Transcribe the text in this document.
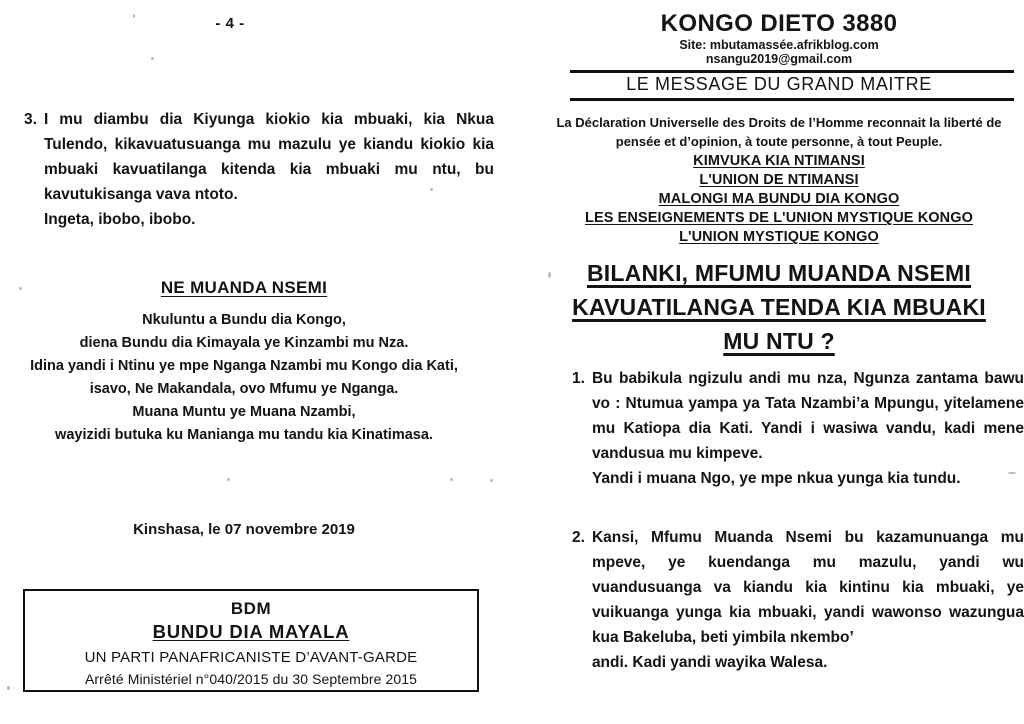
- 4 -
3. I mu diambu dia Kiyunga kiokio kia mbuaki, kia Nkua Tulendo, kikavuatusuanga mu mazulu ye kiandu kiokio kia mbuaki kavuatilanga kitenda kia mbuaki mu ntu, bu kavutukisanga vava ntoto.
Ingeta, ibobo, ibobo.
NE MUANDA NSEMI
Nkuluntu a Bundu dia Kongo,
diena Bundu dia Kimayala ye Kinzambi mu Nza.
Idina yandi i Ntinu ye mpe Nganga Nzambi mu Kongo dia Kati,
isavo, Ne Makandala, ovo Mfumu ye Nganga.
Muana Muntu ye Muana Nzambi,
wayizidi butuka ku Manianga mu tandu kia Kinatimasa.
Kinshasa, le 07 novembre 2019
BDM
BUNDU DIA MAYALA
UN PARTI PANAFRICANISTE D’AVANT-GARDE
Arrêté Ministériel n°040/2015 du 30 Septembre 2015
KONGO DIETO 3880
Site: mbutamassée.afrikblog.com
nsangu2019@gmail.com
LE MESSAGE DU GRAND MAITRE
La Déclaration Universelle des Droits de l’Homme reconnait la liberté de pensée et d’opinion, à toute personne, à tout Peuple.
KIMVUKA KIA NTIMANSI
L'UNION DE NTIMANSI
MALONGI MA BUNDU DIA KONGO
LES ENSEIGNEMENTS DE L'UNION MYSTIQUE KONGO
L'UNION MYSTIQUE KONGO
BILANKI, MFUMU MUANDA NSEMI
KAVUATILANGA TENDA KIA MBUAKI
MU NTU ?
1. Bu babikula ngizulu andi mu nza, Ngunza zantama bawu vo : Ntumua yampa ya Tata Nzambi’a Mpungu, yitelamene mu Katiopa dia Kati. Yandi i wasiwa vandu, kadi mene vandusua mu kimpeve.
Yandi i muana Ngo, ye mpe nkua yunga kia tundu.
2. Kansi, Mfumu Muanda Nsemi bu kazamunuanga mu mpeve, ye kuendanga mu mazulu, yandi wu vuandusuanga va kiandu kia kintinu kia mbuaki, ye vuikuanga yunga kia mbuaki, yandi wawonso wazungua kua Bakeluba, beti yimbila nkembo’
andi. Kadi yandi wayika Walesa.
